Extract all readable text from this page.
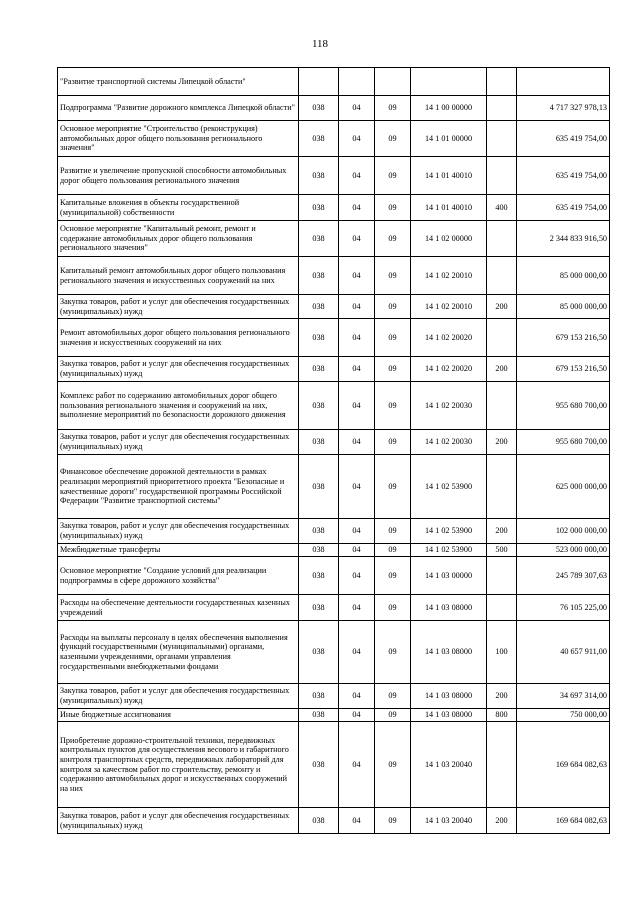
118
"Развитие транспортной системы Липецкой области"						
Подпрограмма "Развитие дорожного комплекса Липецкой области"	038	04	09	14 1 00 00000		4 717 327 978,13
Основное мероприятие "Строительство (реконструкция) автомобильных дорог общего пользования регионального значения"	038	04	09	14 1 01 00000		635 419 754,00
Развитие и увеличение пропускной способности автомобильных дорог общего пользования регионального значения	038	04	09	14 1 01 40010		635 419 754,00
Капитальные вложения в объекты государственной (муниципальной) собственности	038	04	09	14 1 01 40010	400	635 419 754,00
Основное мероприятие "Капитальный ремонт, ремонт и содержание автомобильных дорог общего пользования регионального значения"	038	04	09	14 1 02 00000		2 344 833 916,50
Капитальный ремонт автомобильных дорог общего пользования регионального значения и искусственных сооружений на них	038	04	09	14 1 02 20010		85 000 000,00
Закупка товаров, работ и услуг для обеспечения государственных (муниципальных) нужд	038	04	09	14 1 02 20010	200	85 000 000,00
Ремонт автомобильных дорог общего пользования регионального значения и искусственных сооружений на них	038	04	09	14 1 02 20020		679 153 216,50
Закупка товаров, работ и услуг для обеспечения государственных (муниципальных) нужд	038	04	09	14 1 02 20020	200	679 153 216,50
Комплекс работ по содержанию автомобильных дорог общего пользования регионального значения и сооружений на них, выполнение мероприятий по безопасности дорожного движения	038	04	09	14 1 02 20030		955 680 700,00
Закупка товаров, работ и услуг для обеспечения государственных (муниципальных) нужд	038	04	09	14 1 02 20030	200	955 680 700,00
Финансовое обеспечение дорожной деятельности в рамках реализации мероприятий приоритетного проекта "Безопасные и качественные дороги" государственной программы Российской Федерации "Развитие транспортной системы"	038	04	09	14 1 02 53900		625 000 000,00
Закупка товаров, работ и услуг для обеспечения государственных (муниципальных) нужд	038	04	09	14 1 02 53900	200	102 000 000,00
Межбюджетные трансферты	038	04	09	14 1 02 53900	500	523 000 000,00
Основное мероприятие "Создание условий для реализации подпрограммы в сфере дорожного хозяйства"	038	04	09	14 1 03 00000		245 789 307,63
Расходы на обеспечение деятельности государственных казенных учреждений	038	04	09	14 1 03 08000		76 105 225,00
Расходы на выплаты персоналу в целях обеспечения выполнения функций государственными (муниципальными) органами, казенными учреждениями, органами управления государственными внебюджетными фондами	038	04	09	14 1 03 08000	100	40 657 911,00
Закупка товаров, работ и услуг для обеспечения государственных (муниципальных) нужд	038	04	09	14 1 03 08000	200	34 697 314,00
Иные бюджетные ассигнования	038	04	09	14 1 03 08000	800	750 000,00
Приобретение дорожно-строительной техники, передвижных контрольных пунктов для осуществления весового и габаритного контроля транспортных средств, передвижных лабораторий для контроля за качеством работ по строительству, ремонту и содержанию автомобильных дорог и искусственных сооружений на них	038	04	09	14 1 03 20040		169 684 082,63
Закупка товаров, работ и услуг для обеспечения государственных (муниципальных) нужд	038	04	09	14 1 03 20040	200	169 684 082,63
